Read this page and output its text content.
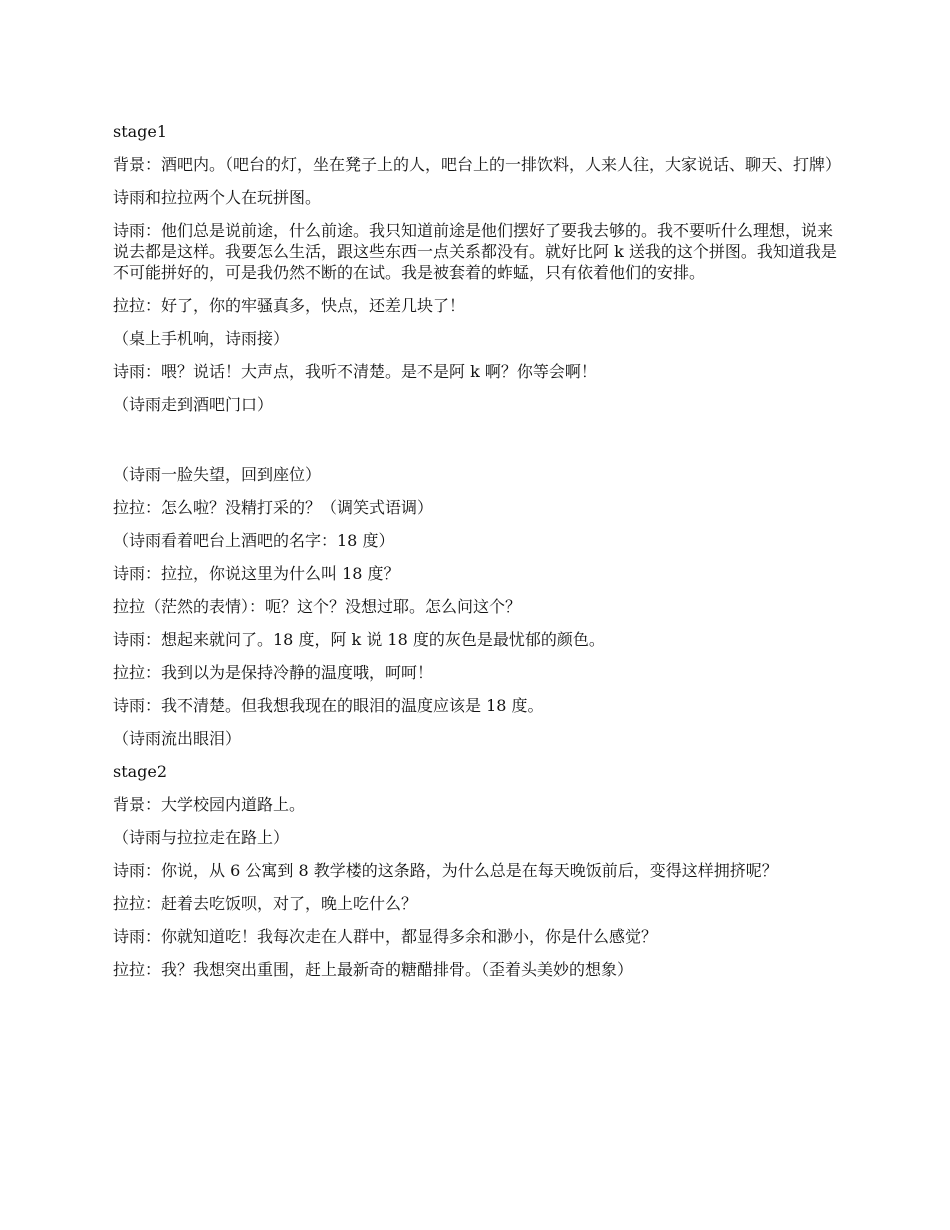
stage1

背景：酒吧内。（吧台的灯，坐在凳子上的人，吧台上的一排饮料，人来人往，大家说话、聊天、打牌）

诗雨和拉拉两个人在玩拼图。

诗雨：他们总是说前途，什么前途。我只知道前途是他们摆好了要我去够的。我不要听什么理想，说来说去都是这样。我要怎么生活，跟这些东西一点关系都没有。就好比阿 k 送我的这个拼图。我知道我是不可能拼好的，可是我仍然不断的在试。我是被套着的蚱蜢，只有依着他们的安排。

拉拉：好了，你的牢骚真多，快点，还差几块了！

（桌上手机响，诗雨接）

诗雨：喂？说话！大声点，我听不清楚。是不是阿 k 啊？你等会啊！

（诗雨走到酒吧门口）

（诗雨一脸失望，回到座位）

拉拉：怎么啦？没精打采的？（调笑式语调）

（诗雨看着吧台上酒吧的名字：18 度）

诗雨：拉拉，你说这里为什么叫 18 度？

拉拉（茫然的表情）：呃？这个？没想过耶。怎么问这个？

诗雨：想起来就问了。18 度，阿 k 说 18 度的灰色是最忧郁的颜色。

拉拉：我到以为是保持冷静的温度哦，呵呵！

诗雨：我不清楚。但我想我现在的眼泪的温度应该是 18 度。

（诗雨流出眼泪）

stage2

背景：大学校园内道路上。

（诗雨与拉拉走在路上）

诗雨：你说，从 6 公寓到 8 教学楼的这条路，为什么总是在每天晚饭前后，变得这样拥挤呢？

拉拉：赶着去吃饭呗，对了，晚上吃什么？

诗雨：你就知道吃！我每次走在人群中，都显得多余和渺小，你是什么感觉？

拉拉：我？我想突出重围，赶上最新奇的糖醋排骨。（歪着头美妙的想象）
